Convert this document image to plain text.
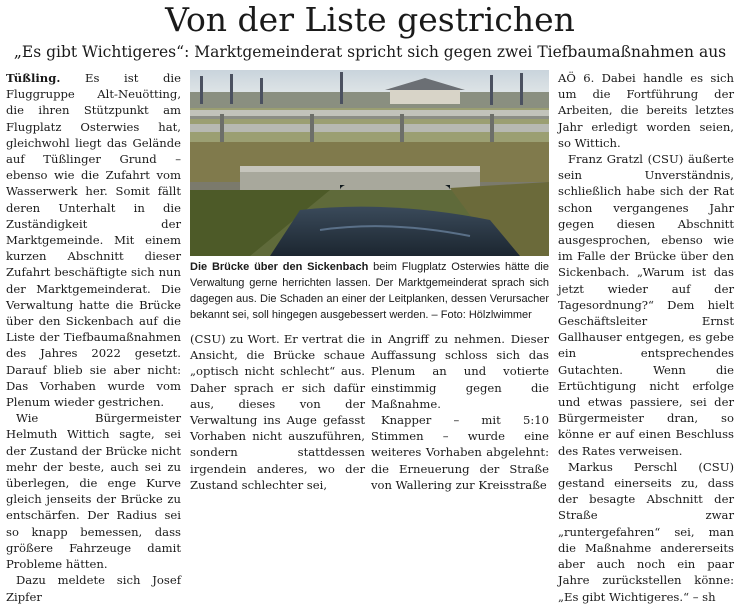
Von der Liste gestrichen
„Es gibt Wichtigeres“: Marktgemeinderat spricht sich gegen zwei Tiefbaumaßnahmen aus

Tüßling. Es ist die Fluggruppe Alt-Neuötting, die ihren Stützpunkt am Flugplatz Osterwies hat, gleichwohl liegt das Gelände auf Tüßlinger Grund – ebenso wie die Zufahrt vom Wasserwerk her. Somit fällt deren Unterhalt in die Zuständigkeit der Marktgemeinde. Mit einem kurzen Abschnitt dieser Zufahrt beschäftigte sich nun der Marktgemeinderat. Die Verwaltung hatte die Brücke über den Sickenbach auf die Liste der Tiefbaumaßnahmen des Jahres 2022 gesetzt. Darauf blieb sie aber nicht: Das Vorhaben wurde vom Plenum wieder gestrichen.

Wie Bürgermeister Helmuth Wittich sagte, sei der Zustand der Brücke nicht mehr der beste, auch sei zu überlegen, die enge Kurve gleich jenseits der Brücke zu entschärfen. Der Radius sei so knapp bemessen, dass größere Fahrzeuge damit Probleme hätten.

Dazu meldete sich Josef Zipfer

Die Brücke über den Sickenbach beim Flugplatz Osterwies hätte die Verwaltung gerne herrichten lassen. Der Marktgemeinderat sprach sich dagegen aus. Die Schaden an einer der Leitplanken, dessen Verursacher bekannt sei, soll hingegen ausgebessert werden. – Foto: Hölzlwimmer

(CSU) zu Wort. Er vertrat die Ansicht, die Brücke schaue „optisch nicht schlecht“ aus. Daher sprach er sich dafür aus, dieses von der Verwaltung ins Auge gefasst Vorhaben nicht auszuführen, sondern stattdessen irgendein anderes, wo der Zustand schlechter sei,

in Angriff zu nehmen. Dieser Auffassung schloss sich das Plenum an und votierte einstimmig gegen die Maßnahme.

Knapper – mit 5:10 Stimmen – wurde eine weiteres Vorhaben abgelehnt: die Erneuerung der Straße von Wallering zur Kreisstraße

AÖ 6. Dabei handle es sich um die Fortführung der Arbeiten, die bereits letztes Jahr erledigt worden seien, so Wittich.

Franz Gratzl (CSU) äußerte sein Unverständnis, schließlich habe sich der Rat schon vergangenes Jahr gegen diesen Abschnitt ausgesprochen, ebenso wie im Falle der Brücke über den Sickenbach. „Warum ist das jetzt wieder auf der Tagesordnung?“ Dem hielt Geschäftsleiter Ernst Gallhauser entgegen, es gebe ein entsprechendes Gutachten. Wenn die Ertüchtigung nicht erfolge und etwas passiere, sei der Bürgermeister dran, so könne er auf einen Beschluss des Rates verweisen.

Markus Perschl (CSU) gestand einerseits zu, dass der besagte Abschnitt der Straße zwar „runtergefahren“ sei, man die Maßnahme andererseits aber auch noch ein paar Jahre zurückstellen könne: „Es gibt Wichtigeres.“ – sh
